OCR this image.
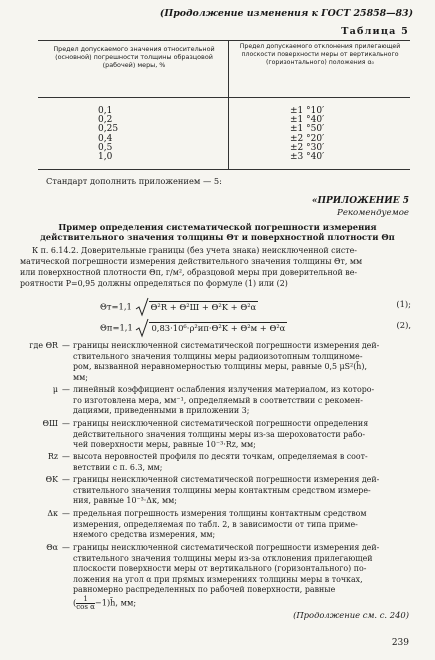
(Продолжение изменения к ГОСТ 25858—83)
Таблица 5
Предел допускаемого значения относительной (основной) погрешности толщины образцовой (рабочей) меры, %
Предел допускаемого отклонения прилегающей плоскости поверхности меры от вертикального (горизонтального) положения α₀
0,1
0,2
0,25
0,4
0,5
1,0
±1 °10′
±1 °40′
±1 °50′
±2 °20′
±2 °30′
±3 °40′
Стандарт дополнить приложением — 5:
«ПРИЛОЖЕНИЕ 5
Рекомендуемое
Пример определения систематической погрешности измерения
действительного значения толщины Θт и поверхностной плотности Θп
К п. 6.14.2. Доверительные границы (без учета знака) неисключенной систе-
матической погрешности измерения действительного значения толщины Θт, мм
или поверхностной плотности Θп, г/м², образцовой меры при доверительной ве-
роятности P=0,95 должны определяться по формуле (1) или (2)
Θт=1,1 Θ²R + Θ²Ш + Θ²K + Θ²α	(1);
Θп=1,1 0,83·10⁶·ρ²ип·Θ²K + Θ²м + Θ²α	(2),
где ΘR — границы неисключенной систематической погрешности измерения дей-
ствительного значения толщины меры радиоизотопным толщиноме-
ром, вызванной неравномерностью толщины меры, равные 0,5 μS²(h̄),
мм;
μ — линейный коэффициент ослабления излучения материалом, из которо-
го изготовлена мера, мм⁻¹, определяемый в соответствии с рекомен-
дациями, приведенными в приложении 3;
ΘШ — границы неисключенной систематической погрешности определения
действительного значения толщины меры из-за шероховатости рабо-
чей поверхности меры, равные 10⁻³·Rz, мм;
Rz — высота неровностей профиля по десяти точкам, определяемая в соот-
ветствии с п. 6.3, мм;
ΘK — границы неисключенной систематической погрешности измерения дей-
ствительного значения толщины меры контактным средством измере-
ния, равные 10⁻³·Δк, мм;
Δк — предельная погрешность измерения толщины контактным средством
измерения, определяемая по табл. 2, в зависимости от типа приме-
няемого средства измерения, мм;
Θα — границы неисключенной систематической погрешности измерения дей-
ствительного значения толщины меры из-за отклонения прилегающей
плоскости поверхности меры от вертикального (горизонтального) по-
ложения на угол α при прямых измерениях толщины меры в точках,
равномерно распределенных по рабочей поверхности, равные
( $\frac{1}{\text{cos α}}-1)h̄$, мм;
(Продолжение см. с. 240)
239
